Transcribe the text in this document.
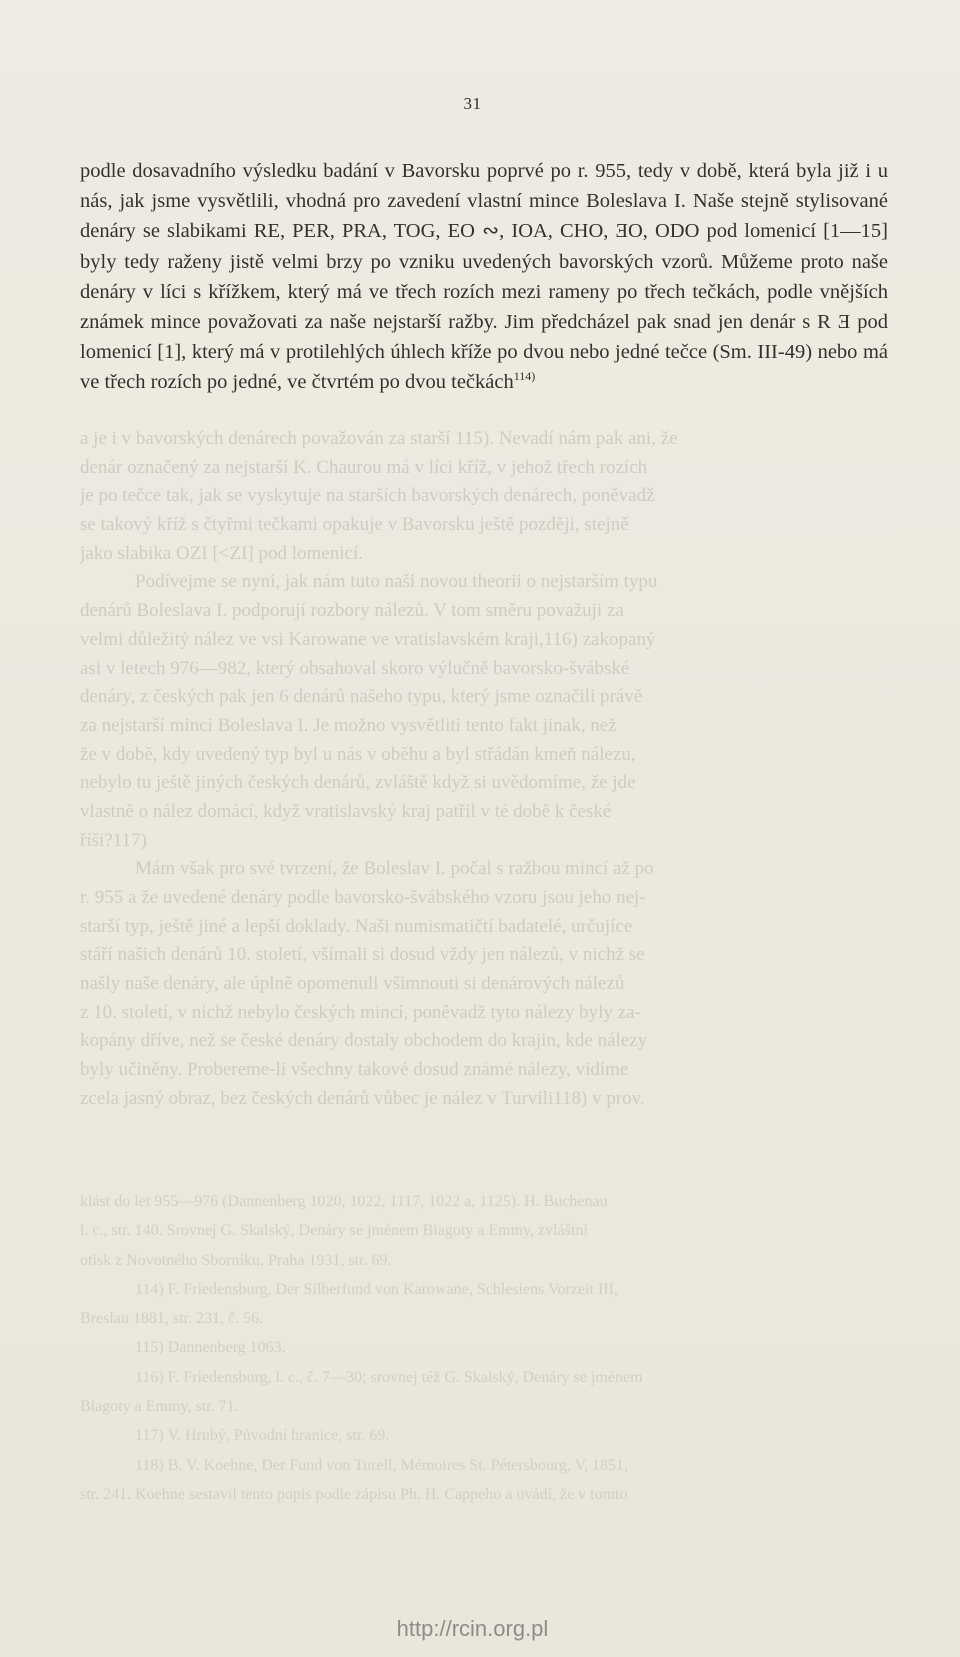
31

podle dosavadního výsledku badání v Bavorsku poprvé po r. 955, tedy v době, která byla již i u nás, jak jsme vysvětlili, vhodná pro zavedení vlastní mince Boleslava I. Naše stejně stylisované denáry se slabikami RE, PER, PRA, TOG, EO ∾, IOA, CHO, ƎO, ODO pod lomenicí [1—15] byly tedy raženy jistě velmi brzy po vzniku uvedených bavorských vzorů. Můžeme proto naše denáry v líci s křížkem, který má ve třech rozích mezi rameny po třech tečkách, podle vnějších známek mince považovati za naše nejstarší ražby. Jim předcházel pak snad jen denár s R Ǝ pod lomenicí [1], který má v protilehlých úhlech kříže po dvou nebo jedné tečce (Sm. III-49) nebo má ve třech rozích po jedné, ve čtvrtém po dvou tečkách$^{114)}$

a je i v bavorských denárech považován za starší 115). Nevadí nám pak ani, že
denár označený za nejstarší K. Chaurou má v líci kříž, v jehož třech rozích
je po tečce tak, jak se vyskytuje na starších bavorských denárech, poněvadž
se takový kříž s čtyřmi tečkami opakuje v Bavorsku ještě později, stejně
jako slabika OZI [<ZI] pod lomenicí.
Podívejme se nyní, jak nám tuto naši novou theorii o nejstarším typu
denárů Boleslava I. podporují rozbory nálezů. V tom směru považuji za
velmi důležitý nález ve vsi Karowane ve vratislavském kraji,116) zakopaný
asi v letech 976—982, který obsahoval skoro výlučně bavorsko-švábské
denáry, z českých pak jen 6 denárů našeho typu, který jsme označili právě
za nejstarší minci Boleslava I. Je možno vysvětliti tento fakt jinak, než
že v době, kdy uvedený typ byl u nás v oběhu a byl střádán kmeň nálezu,
nebylo tu ještě jiných českých denárů, zvláště když si uvědomíme, že jde
vlastně o nález domácí, když vratislavský kraj patřil v té době k české
říši?117)
Mám však pro své tvrzení, že Boleslav I. počal s ražbou mincí až po
r. 955 a že uvedené denáry podle bavorsko-švábského vzoru jsou jeho nej-
starší typ, ještě jiné a lepší doklady. Naši numismatičtí badatelé, určujíce
stáří našich denárů 10. století, všímali si dosud vždy jen nálezů, v nichž se
našly naše denáry, ale úplně opomenuli všimnouti si denárových nálezů
z 10. století, v nichž nebylo českých mincí, poněvadž tyto nálezy byly za-
kopány dříve, než se české denáry dostaly obchodem do krajin, kde nálezy
byly učiněny. Probereme-li všechny takové dosud známé nálezy, vidíme
zcela jasný obraz, bez českých denárů vůbec je nález v Turvili118) v prov.
klást do let 955—976 (Dannenberg 1020, 1022, 1117, 1022 a, 1125). H. Buchenau
l. c., str. 140. Srovnej G. Skalský, Denáry se jménem Biagoty a Emmy, zvláštní
otisk z Novotného Sborníku, Praha 1931, str. 69.
114) F. Friedensburg, Der Silberfund von Karowane, Schlesiens Vorzeit III,
Breslau 1881, str. 231, č. 56.
115) Dannenberg 1063.
116) F. Friedensburg, l. c., č. 7—30; srovnej též G. Skalský, Denáry se jménem
Biagoty a Emmy, str. 71.
117) V. Hrubý, Původní hranice, str. 69.
118) B. V. Koehne, Der Fund von Turell, Mémoires St. Pétersbourg, V, 1851,
str. 241. Koehne sestavil tento popis podle zápisu Ph. H. Cappeho a uvádí, že v tomto
http://rcin.org.pl
